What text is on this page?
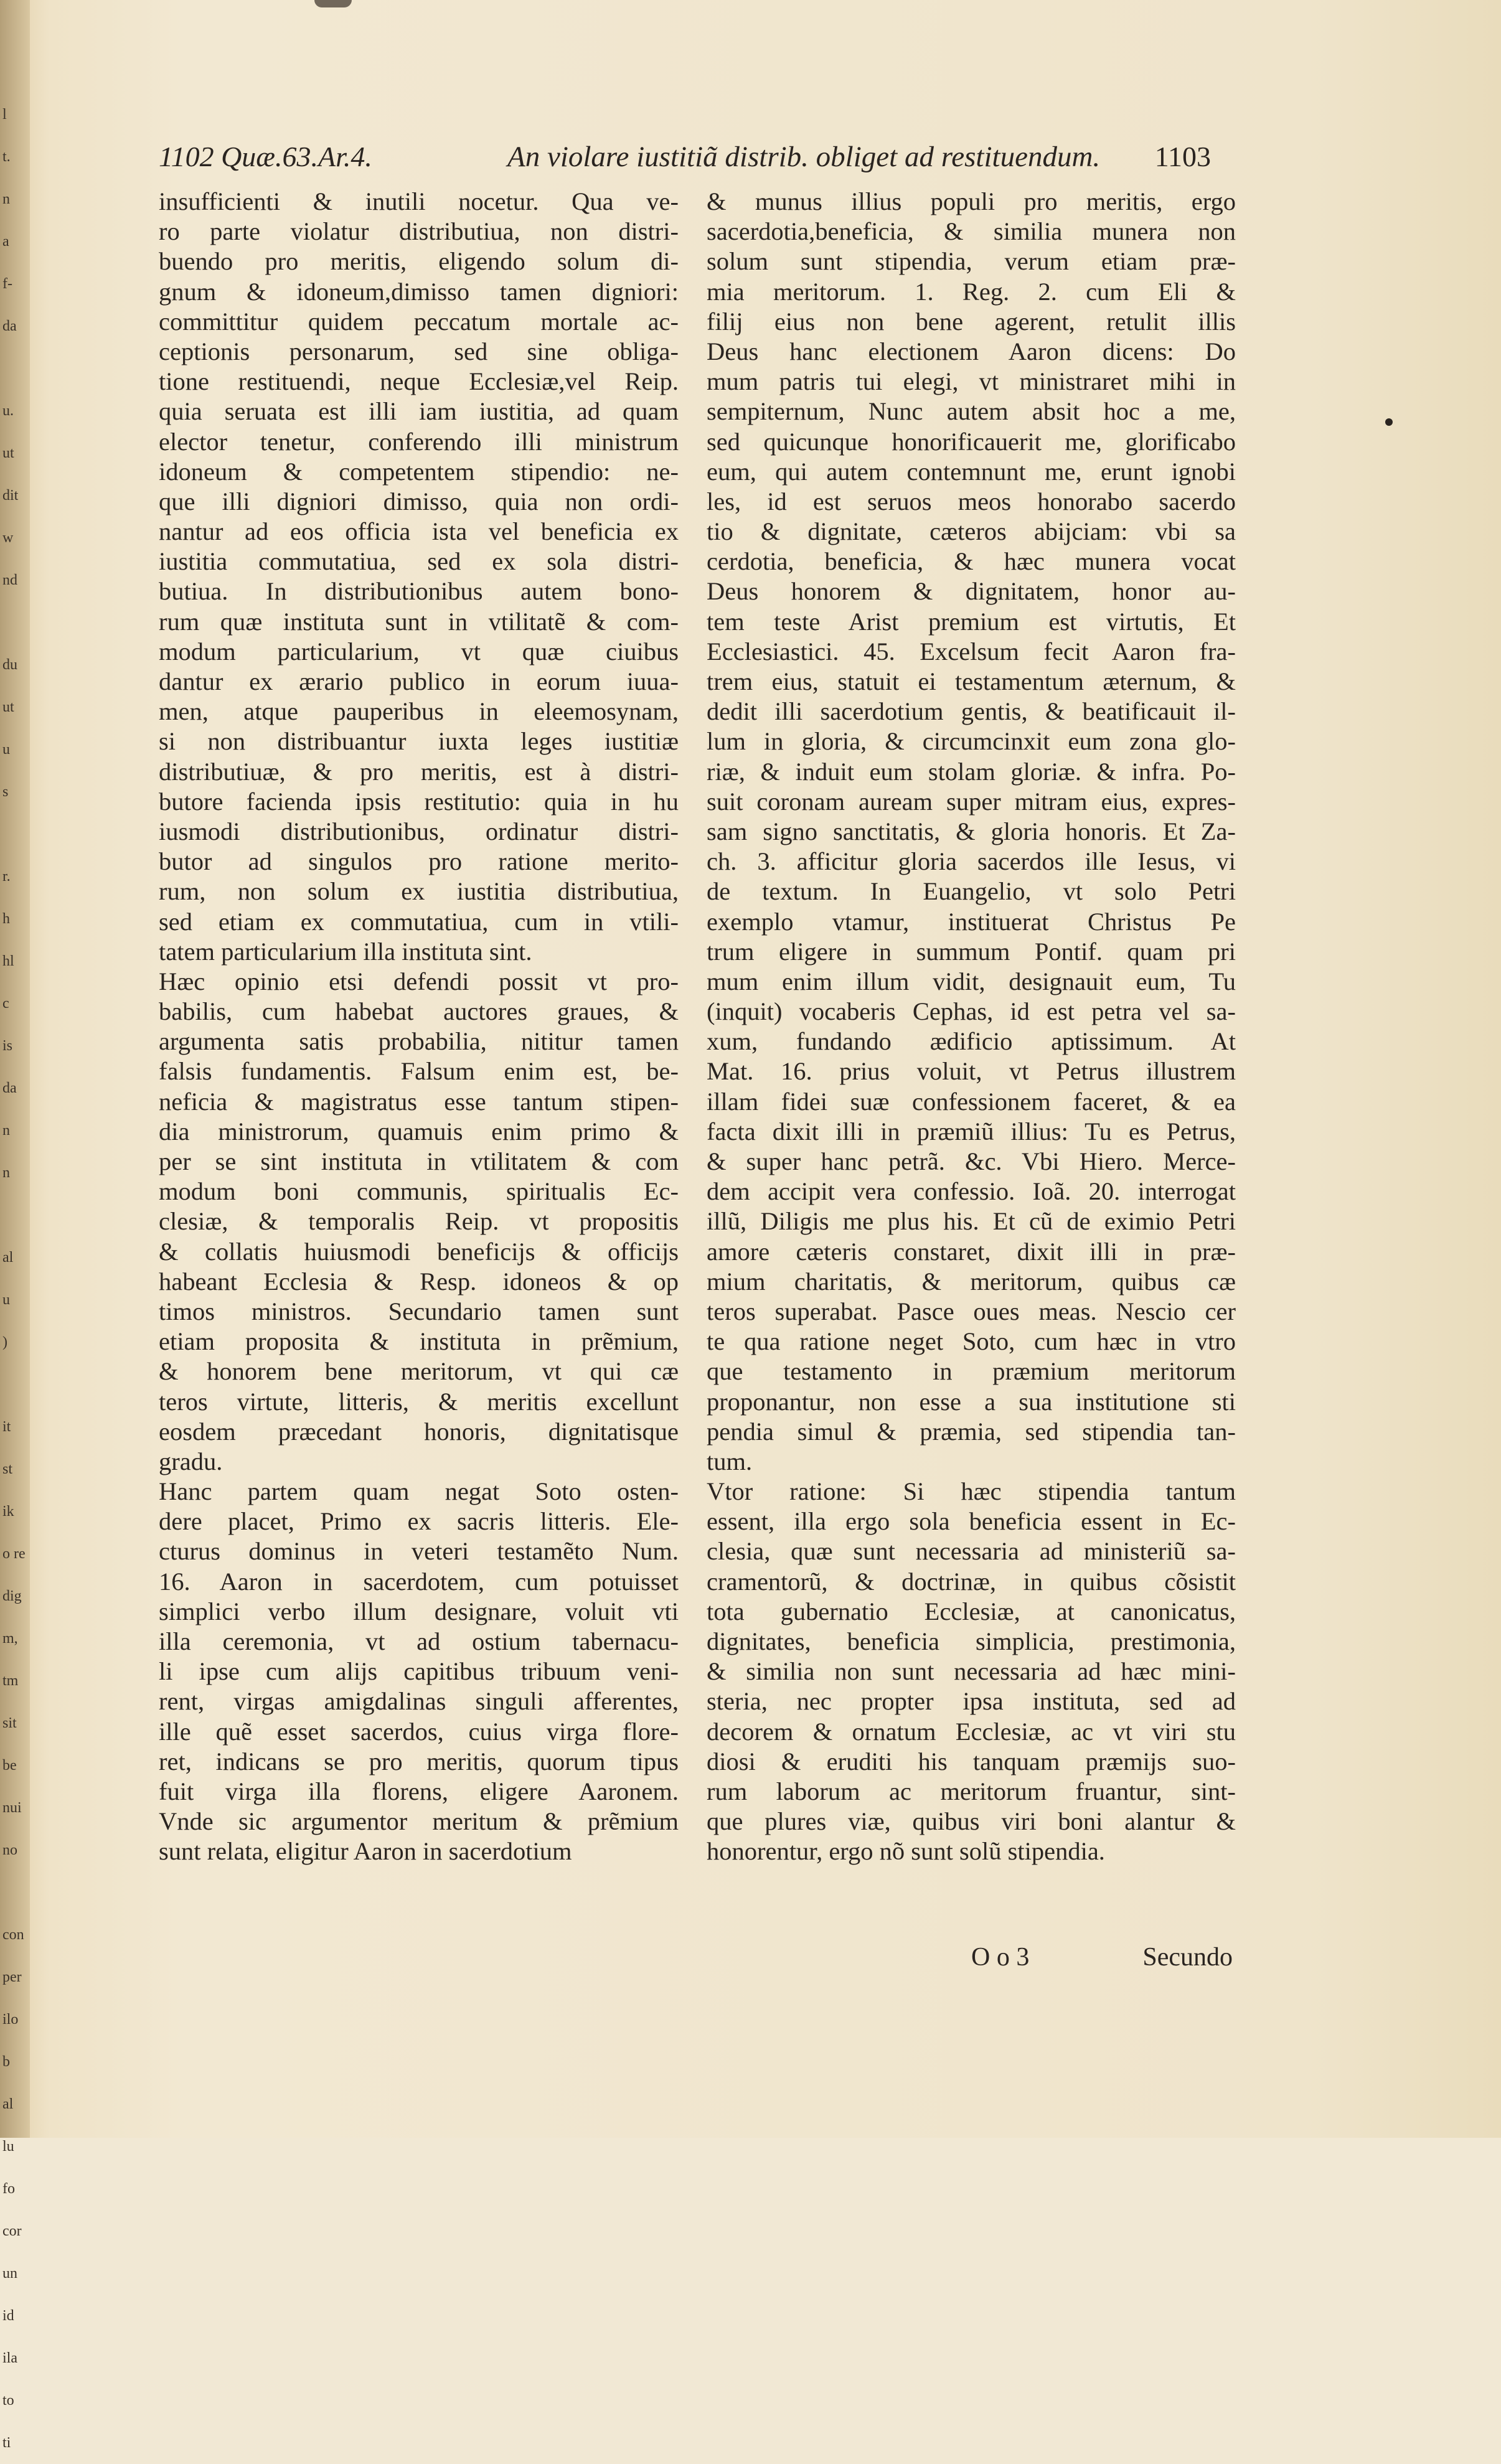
l
t.
n
a
f-
da

u.
ut
dit
w
nd

du
ut
u
s

r.
h
hl
c
is
da
n
n

al
u
)

it
st
ik
o re
dig
m,
tm
sit
be
nui
no

con
per
ilo
b
al
lu
fo
cor
un
id
ila
to
ti
1102 Quæ.63.Ar.4.	An violare iustitiã distrib. obliget ad restituendum. 1103
insufficienti & inutili nocetur. Qua ve-
ro parte violatur distributiua, non distri-
buendo pro meritis, eligendo solum di-
gnum & idoneum,dimisso tamen digniori:
committitur quidem peccatum mortale ac-
ceptionis personarum, sed sine obliga-
tione restituendi, neque Ecclesiæ,vel Reip.
quia seruata est illi iam iustitia, ad quam
elector tenetur, conferendo illi ministrum
idoneum & competentem stipendio: ne-
que illi digniori dimisso, quia non ordi-
nantur ad eos officia ista vel beneficia ex
iustitia commutatiua, sed ex sola distri-
butiua. In distributionibus autem bono-
rum quæ instituta sunt in vtilitatẽ & com-
modum particularium, vt quæ ciuibus
dantur ex ærario publico in eorum iuua-
men, atque pauperibus in eleemosynam,
si non distribuantur iuxta leges iustitiæ
distributiuæ, & pro meritis, est à distri-
butore facienda ipsis restitutio: quia in hu
iusmodi distributionibus, ordinatur distri-
butor ad singulos pro ratione merito-
rum, non solum ex iustitia distributiua,
sed etiam ex commutatiua, cum in vtili-
tatem particularium illa instituta sint.
Hæc opinio etsi defendi possit vt pro-
babilis, cum habebat auctores graues, &
argumenta satis probabilia, nititur tamen
falsis fundamentis. Falsum enim est, be-
neficia & magistratus esse tantum stipen-
dia ministrorum, quamuis enim primo &
per se sint instituta in vtilitatem & com
modum boni communis, spiritualis Ec-
clesiæ, & temporalis Reip. vt propositis
& collatis huiusmodi beneficijs & officijs
habeant Ecclesia & Resp. idoneos & op
timos ministros. Secundario tamen sunt
etiam proposita & instituta in prẽmium,
& honorem bene meritorum, vt qui cæ
teros virtute, litteris, & meritis excellunt
eosdem præcedant honoris, dignitatisque
gradu.
Hanc partem quam negat Soto osten-
dere placet, Primo ex sacris litteris. Ele-
cturus dominus in veteri testamẽto Num.
16. Aaron in sacerdotem, cum potuisset
simplici verbo illum designare, voluit vti
illa ceremonia, vt ad ostium tabernacu-
li ipse cum alijs capitibus tribuum veni-
rent, virgas amigdalinas singuli afferentes,
ille quẽ esset sacerdos, cuius virga flore-
ret, indicans se pro meritis, quorum tipus
fuit virga illa florens, eligere Aaronem.
Vnde sic argumentor meritum & prẽmium
sunt relata, eligitur Aaron in sacerdotium
& munus illius populi pro meritis, ergo
sacerdotia,beneficia, & similia munera non
solum sunt stipendia, verum etiam præ-
mia meritorum. 1. Reg. 2. cum Eli &
filij eius non bene agerent, retulit illis
Deus hanc electionem Aaron dicens: Do
mum patris tui elegi, vt ministraret mihi in
sempiternum, Nunc autem absit hoc a me,
sed quicunque honorificauerit me, glorificabo
eum, qui autem contemnunt me, erunt ignobi
les, id est seruos meos honorabo sacerdo
tio & dignitate, cæteros abijciam: vbi sa
cerdotia, beneficia, & hæc munera vocat
Deus honorem & dignitatem, honor au-
tem teste Arist premium est virtutis, Et
Ecclesiastici. 45. Excelsum fecit Aaron fra-
trem eius, statuit ei testamentum æternum, &
dedit illi sacerdotium gentis, & beatificauit il-
lum in gloria, & circumcinxit eum zona glo-
riæ, & induit eum stolam gloriæ. & infra. Po-
suit coronam auream super mitram eius, expres-
sam signo sanctitatis, & gloria honoris. Et Za-
ch. 3. afficitur gloria sacerdos ille Iesus, vi
de textum. In Euangelio, vt solo Petri
exemplo vtamur, instituerat Christus Pe
trum eligere in summum Pontif. quam pri
mum enim illum vidit, designauit eum, Tu
(inquit) vocaberis Cephas, id est petra vel sa-
xum, fundando ædificio aptissimum. At
Mat. 16. prius voluit, vt Petrus illustrem
illam fidei suæ confessionem faceret, & ea
facta dixit illi in præmiũ illius: Tu es Petrus,
& super hanc petrã. &c. Vbi Hiero. Merce-
dem accipit vera confessio. Ioã. 20. interrogat
illũ, Diligis me plus his. Et cũ de eximio Petri
amore cæteris constaret, dixit illi in præ-
mium charitatis, & meritorum, quibus cæ
teros superabat. Pasce oues meas. Nescio cer
te qua ratione neget Soto, cum hæc in vtro
que testamento in præmium meritorum
proponantur, non esse a sua institutione sti
pendia simul & præmia, sed stipendia tan-
tum.
Vtor ratione: Si hæc stipendia tantum
essent, illa ergo sola beneficia essent in Ec-
clesia, quæ sunt necessaria ad ministeriũ sa-
cramentorũ, & doctrinæ, in quibus cõsistit
tota gubernatio Ecclesiæ, at canonicatus,
dignitates, beneficia simplicia, prestimonia,
& similia non sunt necessaria ad hæc mini-
steria, nec propter ipsa instituta, sed ad
decorem & ornatum Ecclesiæ, ac vt viri stu
diosi & eruditi his tanquam præmijs suo-
rum laborum ac meritorum fruantur, sint-
que plures viæ, quibus viri boni alantur &
honorentur, ergo nõ sunt solũ stipendia.
O o 3	Secundo
